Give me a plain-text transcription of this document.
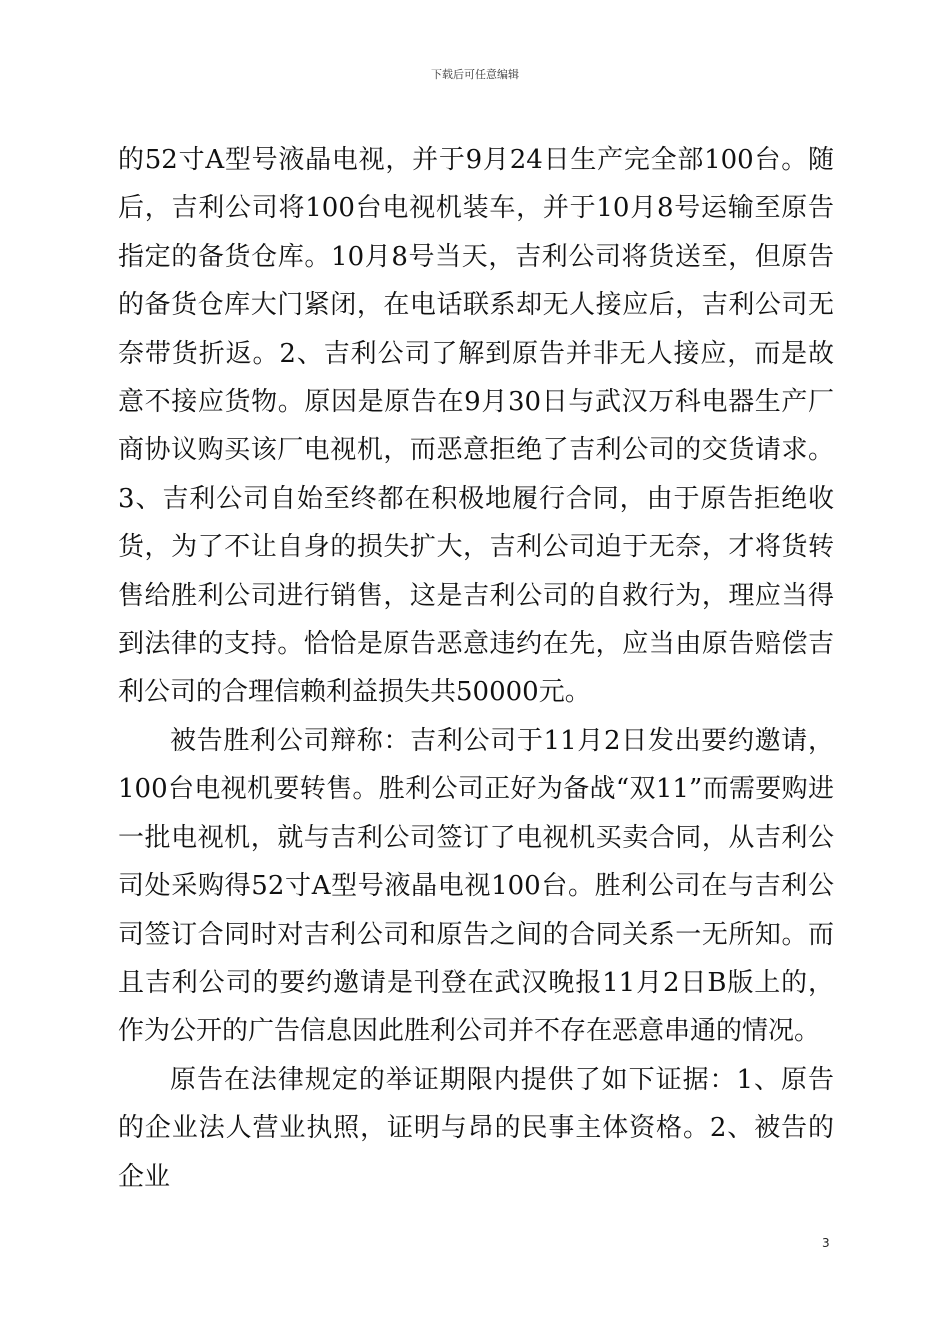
下载后可任意编辑

的52寸A型号液晶电视，并于9月24日生产完全部100台。随后，吉利公司将100台电视机装车，并于10月8号运输至原告指定的备货仓库。10月8号当天，吉利公司将货送至，但原告的备货仓库大门紧闭，在电话联系却无人接应后，吉利公司无奈带货折返。2、吉利公司了解到原告并非无人接应，而是故意不接应货物。原因是原告在9月30日与武汉万科电器生产厂商协议购买该厂电视机，而恶意拒绝了吉利公司的交货请求。3、吉利公司自始至终都在积极地履行合同，由于原告拒绝收货，为了不让自身的损失扩大，吉利公司迫于无奈，才将货转售给胜利公司进行销售，这是吉利公司的自救行为，理应当得到法律的支持。恰恰是原告恶意违约在先，应当由原告赔偿吉利公司的合理信赖利益损失共50000元。

被告胜利公司辩称：吉利公司于11月2日发出要约邀请，100台电视机要转售。胜利公司正好为备战“双11”而需要购进一批电视机，就与吉利公司签订了电视机买卖合同，从吉利公司处采购得52寸A型号液晶电视100台。胜利公司在与吉利公司签订合同时对吉利公司和原告之间的合同关系一无所知。而且吉利公司的要约邀请是刊登在武汉晚报11月2日B版上的，作为公开的广告信息因此胜利公司并不存在恶意串通的情况。

原告在法律规定的举证期限内提供了如下证据：1、原告的企业法人营业执照，证明与昂的民事主体资格。2、被告的企业

3
